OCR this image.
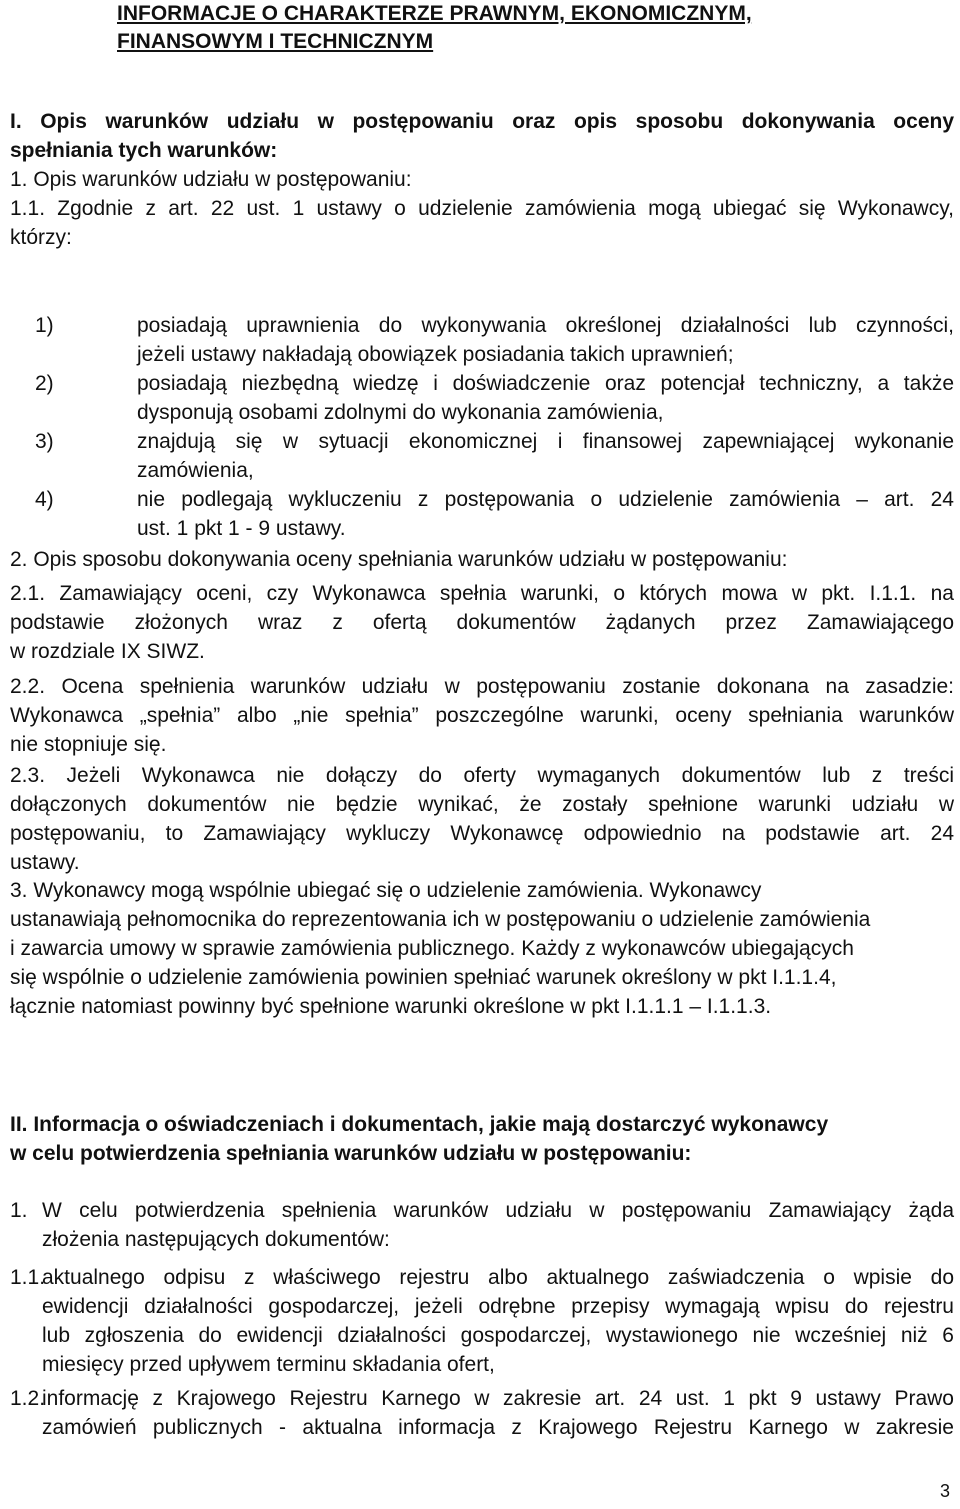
INFORMACJE O CHARAKTERZE PRAWNYM, EKONOMICZNYM,
FINANSOWYM I TECHNICZNYM
I. Opis warunków udziału w postępowaniu oraz opis sposobu dokonywania oceny
spełniania tych warunków:
1. Opis warunków udziału w postępowaniu:
1.1. Zgodnie z art. 22 ust. 1 ustawy o udzielenie zamówienia mogą ubiegać się Wykonawcy,
którzy:
1)	posiadają uprawnienia do wykonywania określonej działalności lub czynności,
jeżeli ustawy nakładają obowiązek posiadania takich uprawnień;
2)	posiadają niezbędną wiedzę i doświadczenie oraz potencjał techniczny, a także
dysponują osobami zdolnymi do wykonania zamówienia,
3)	znajdują się w sytuacji ekonomicznej i finansowej zapewniającej wykonanie
zamówienia,
4)	nie podlegają wykluczeniu z postępowania o udzielenie zamówienia – art. 24
ust. 1 pkt 1 - 9 ustawy.
2. Opis sposobu dokonywania oceny spełniania warunków udziału w postępowaniu:
2.1. Zamawiający oceni, czy Wykonawca spełnia warunki, o których mowa w pkt. I.1.1. na
podstawie złożonych wraz z ofertą dokumentów żądanych przez Zamawiającego
w rozdziale IX SIWZ.
2.2. Ocena spełnienia warunków udziału w postępowaniu zostanie dokonana na zasadzie:
Wykonawca „spełnia” albo „nie spełnia” poszczególne warunki, oceny spełniania warunków
nie stopniuje się.
2.3. Jeżeli Wykonawca nie dołączy do oferty wymaganych dokumentów lub z treści
dołączonych dokumentów nie będzie wynikać, że zostały spełnione warunki udziału w
postępowaniu, to Zamawiający wykluczy Wykonawcę odpowiednio na podstawie art. 24
ustawy.
3. Wykonawcy mogą wspólnie ubiegać się o udzielenie zamówienia. Wykonawcy
ustanawiają pełnomocnika do reprezentowania ich w postępowaniu o udzielenie zamówienia
i zawarcia umowy w sprawie zamówienia publicznego. Każdy z wykonawców ubiegających
się wspólnie o udzielenie zamówienia powinien spełniać warunek określony w pkt I.1.1.4,
łącznie natomiast powinny być spełnione warunki określone w pkt I.1.1.1 – I.1.1.3.
II. Informacja o oświadczeniach i dokumentach, jakie mają dostarczyć wykonawcy
w celu potwierdzenia spełniania warunków udziału w postępowaniu:
1. W celu potwierdzenia spełnienia warunków udziału w postępowaniu Zamawiający żąda
złożenia następujących dokumentów:
1.1.
aktualnego odpisu z właściwego rejestru albo aktualnego zaświadczenia o wpisie do
ewidencji działalności gospodarczej, jeżeli odrębne przepisy wymagają wpisu do rejestru
lub zgłoszenia do ewidencji działalności gospodarczej, wystawionego nie wcześniej niż 6
miesięcy przed upływem terminu składania ofert,
1.2.
informację z Krajowego Rejestru Karnego w zakresie art. 24 ust. 1 pkt 9 ustawy Prawo
zamówień publicznych - aktualna informacja z Krajowego Rejestru Karnego w zakresie
3
